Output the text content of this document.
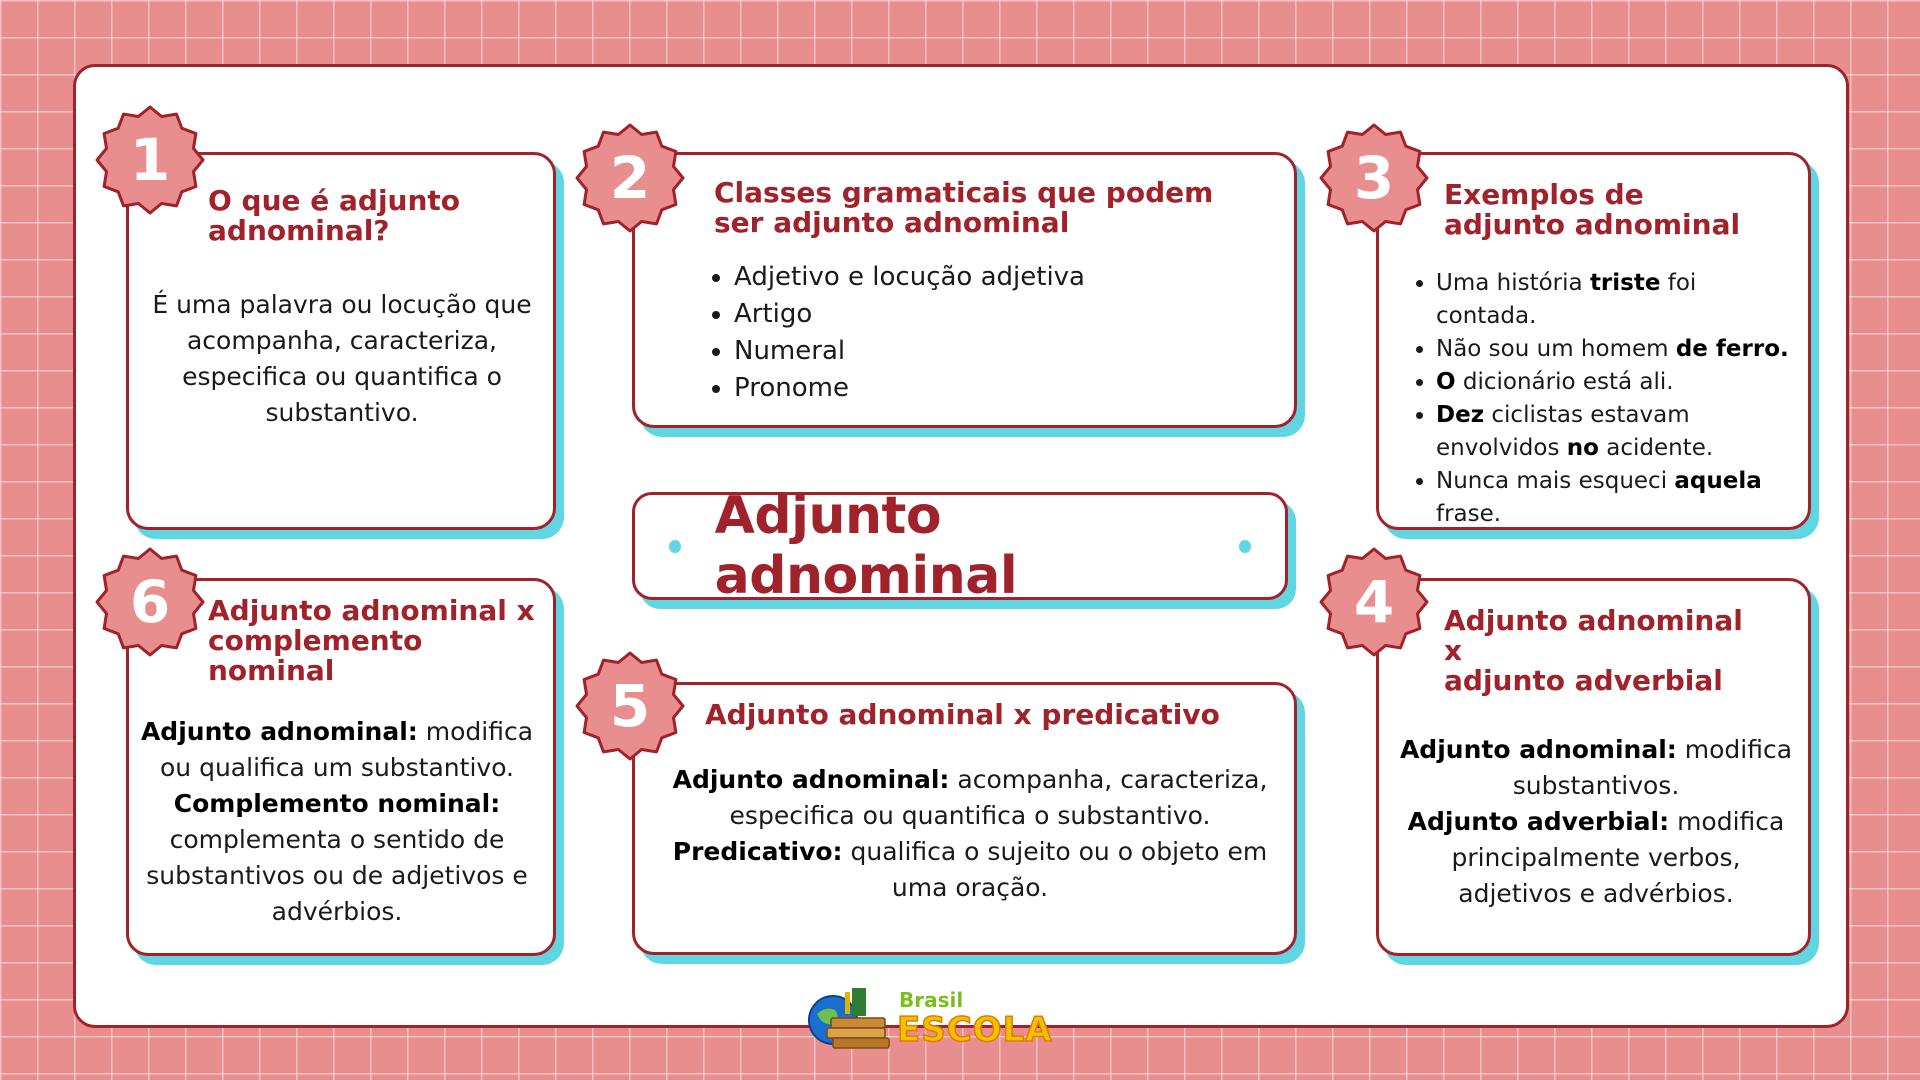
1
O que é adjunto
adnominal?
É uma palavra ou locução que acompanha, caracteriza, especifica ou quantifica o substantivo.
2	Classes gramaticais que podem
ser adjunto adnominal
• Adjetivo e locução adjetiva
• Artigo
• Numeral
• Pronome
3	Exemplos de
adjunto adnominal
• Uma história triste foi contada.
• Não sou um homem de ferro.
• O dicionário está ali.
• Dez ciclistas estavam envolvidos no acidente.
• Nunca mais esqueci aquela frase.
Adjunto adnominal
6	Adjunto adnominal x
complemento
nominal
Adjunto adnominal: modifica ou qualifica um substantivo.
Complemento nominal: complementa o sentido de substantivos ou de adjetivos e advérbios.
5	Adjunto adnominal x predicativo
Adjunto adnominal: acompanha, caracteriza, especifica ou quantifica o substantivo.
Predicativo: qualifica o sujeito ou o objeto em uma oração.
4	Adjunto adnominal
x
adjunto adverbial
Adjunto adnominal: modifica substantivos.
Adjunto adverbial: modifica principalmente verbos, adjetivos e advérbios.
Brasil
ESCOLA
